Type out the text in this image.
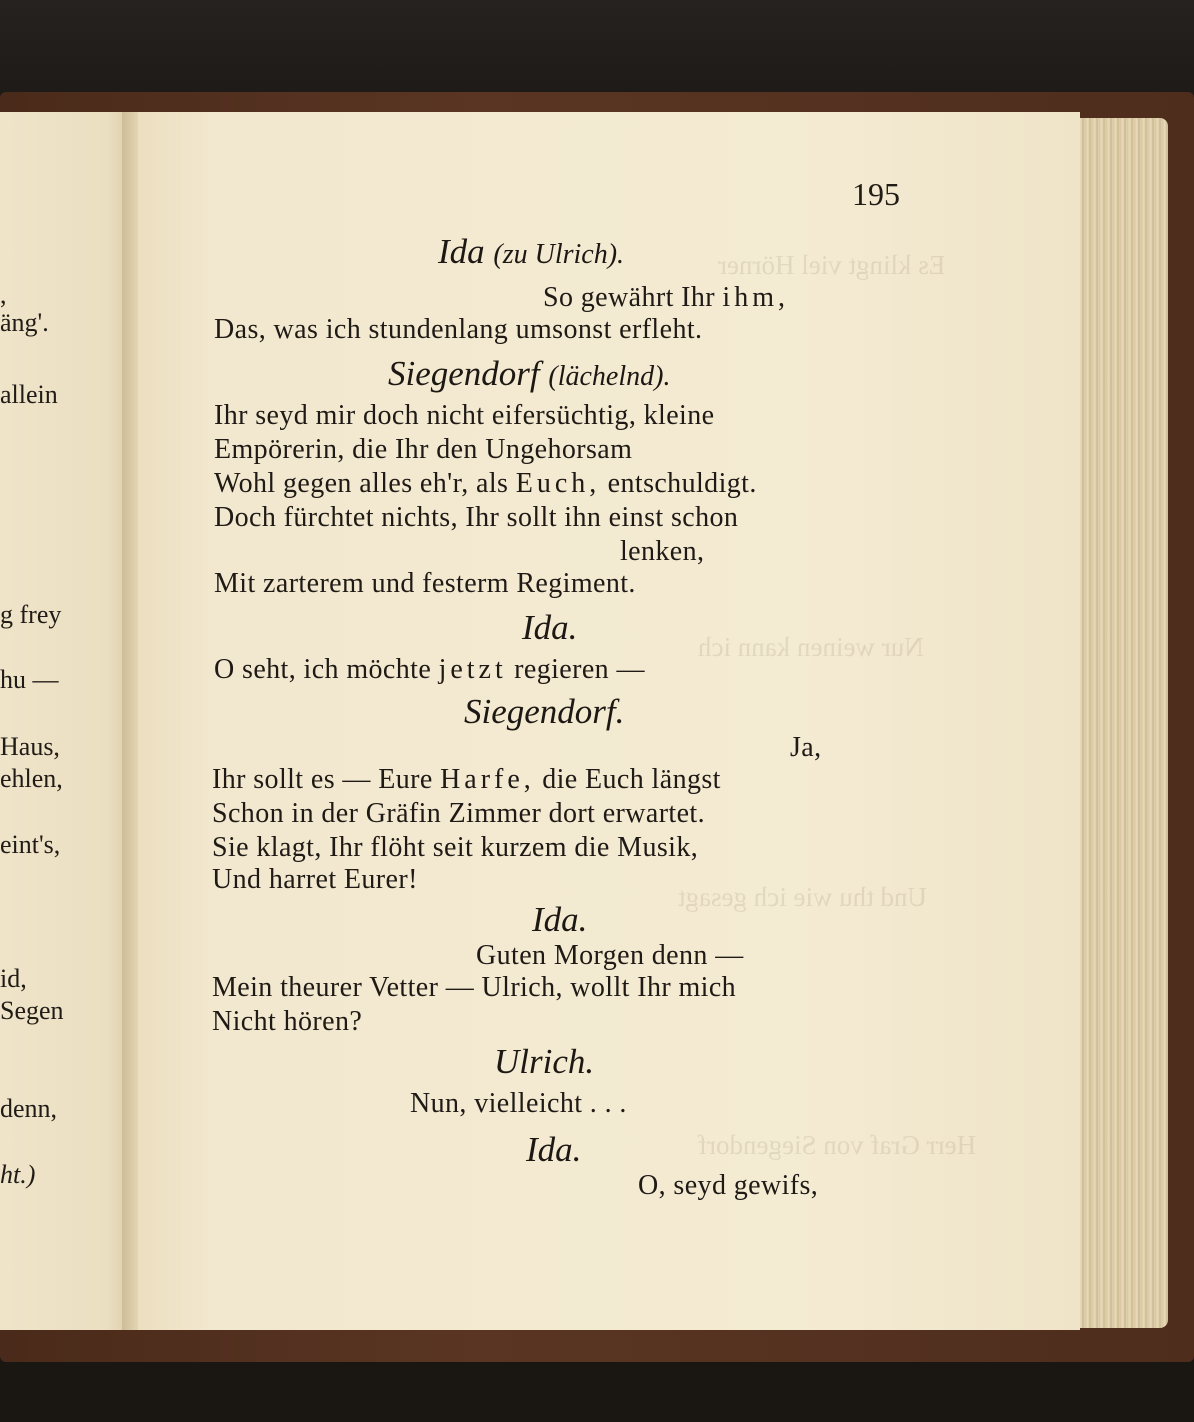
,
äng'.
allein
g frey
hu —
Haus,
ehlen,
eint's,
id,
Segen
denn,
ht.)
Es klingt viel Hörner
Nur weinen kann ich
Und thu wie ich gesagt
Herr Graf von Siegendorf
195
Ida (zu Ulrich).
So gewährt Ihr ihm,
Das, was ich stundenlang umsonst erfleht.
Siegendorf (lächelnd).
Ihr seyd mir doch nicht eifersüchtig, kleine
Empörerin, die Ihr den Ungehorsam
Wohl gegen alles eh'r, als Euch, entschuldigt.
Doch fürchtet nichts, Ihr sollt ihn einst schon
lenken,
Mit zarterem und festerm Regiment.
Ida.
O seht, ich möchte jetzt regieren —
Siegendorf.
Ja,
Ihr sollt es — Eure Harfe, die Euch längst
Schon in der Gräfin Zimmer dort erwartet.
Sie klagt, Ihr flöht seit kurzem die Musik,
Und harret Eurer!
Ida.
Guten Morgen denn —
Mein theurer Vetter — Ulrich, wollt Ihr mich
Nicht hören?
Ulrich.
Nun, vielleicht . . .
Ida.
O, seyd gewifs,
